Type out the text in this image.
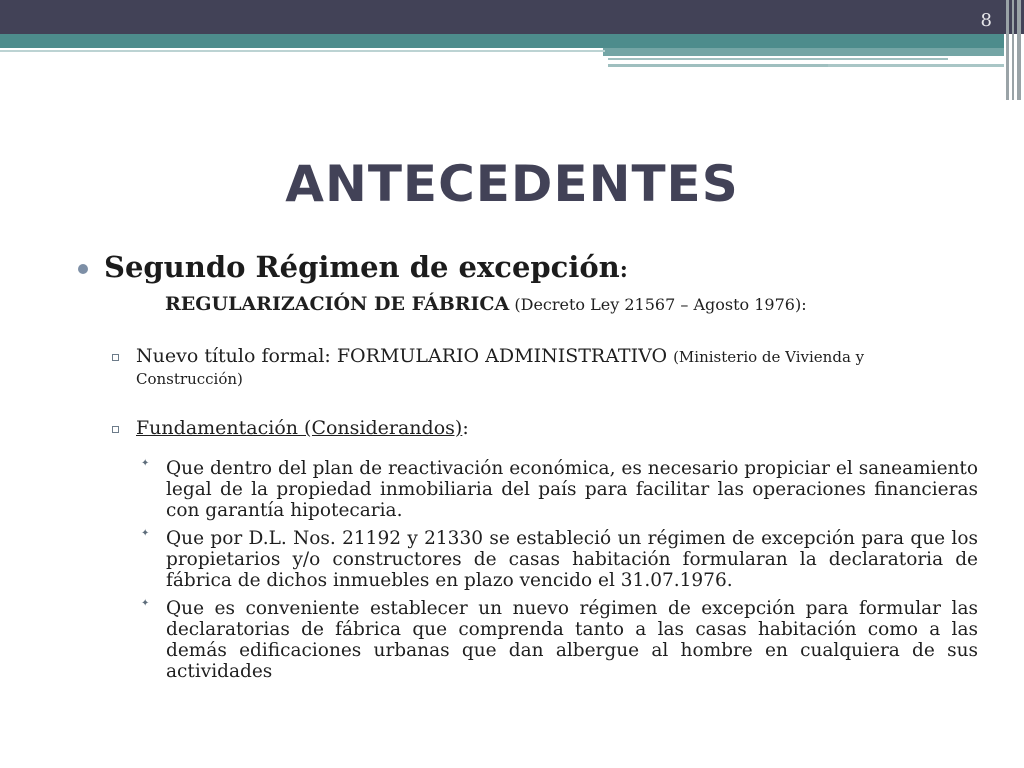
8
ANTECEDENTES
Segundo Régimen de excepción:
REGULARIZACIÓN DE FÁBRICA (Decreto Ley 21567 – Agosto 1976):
Nuevo título formal: FORMULARIO ADMINISTRATIVO (Ministerio de Vivienda y Construcción)
Fundamentación (Considerandos):
✦ Que dentro del plan de reactivación económica, es necesario propiciar el saneamiento legal de la propiedad inmobiliaria del país para facilitar las operaciones financieras con garantía hipotecaria.
✦ Que por D.L. Nos. 21192 y 21330 se estableció un régimen de excepción para que los propietarios y/o constructores de casas habitación formularan la declaratoria de fábrica de dichos inmuebles en plazo vencido el 31.07.1976.
✦ Que es conveniente establecer un nuevo régimen de excepción para formular las declaratorias de fábrica que comprenda tanto a las casas habitación como a las demás edificaciones urbanas que dan albergue al hombre en cualquiera de sus actividades
